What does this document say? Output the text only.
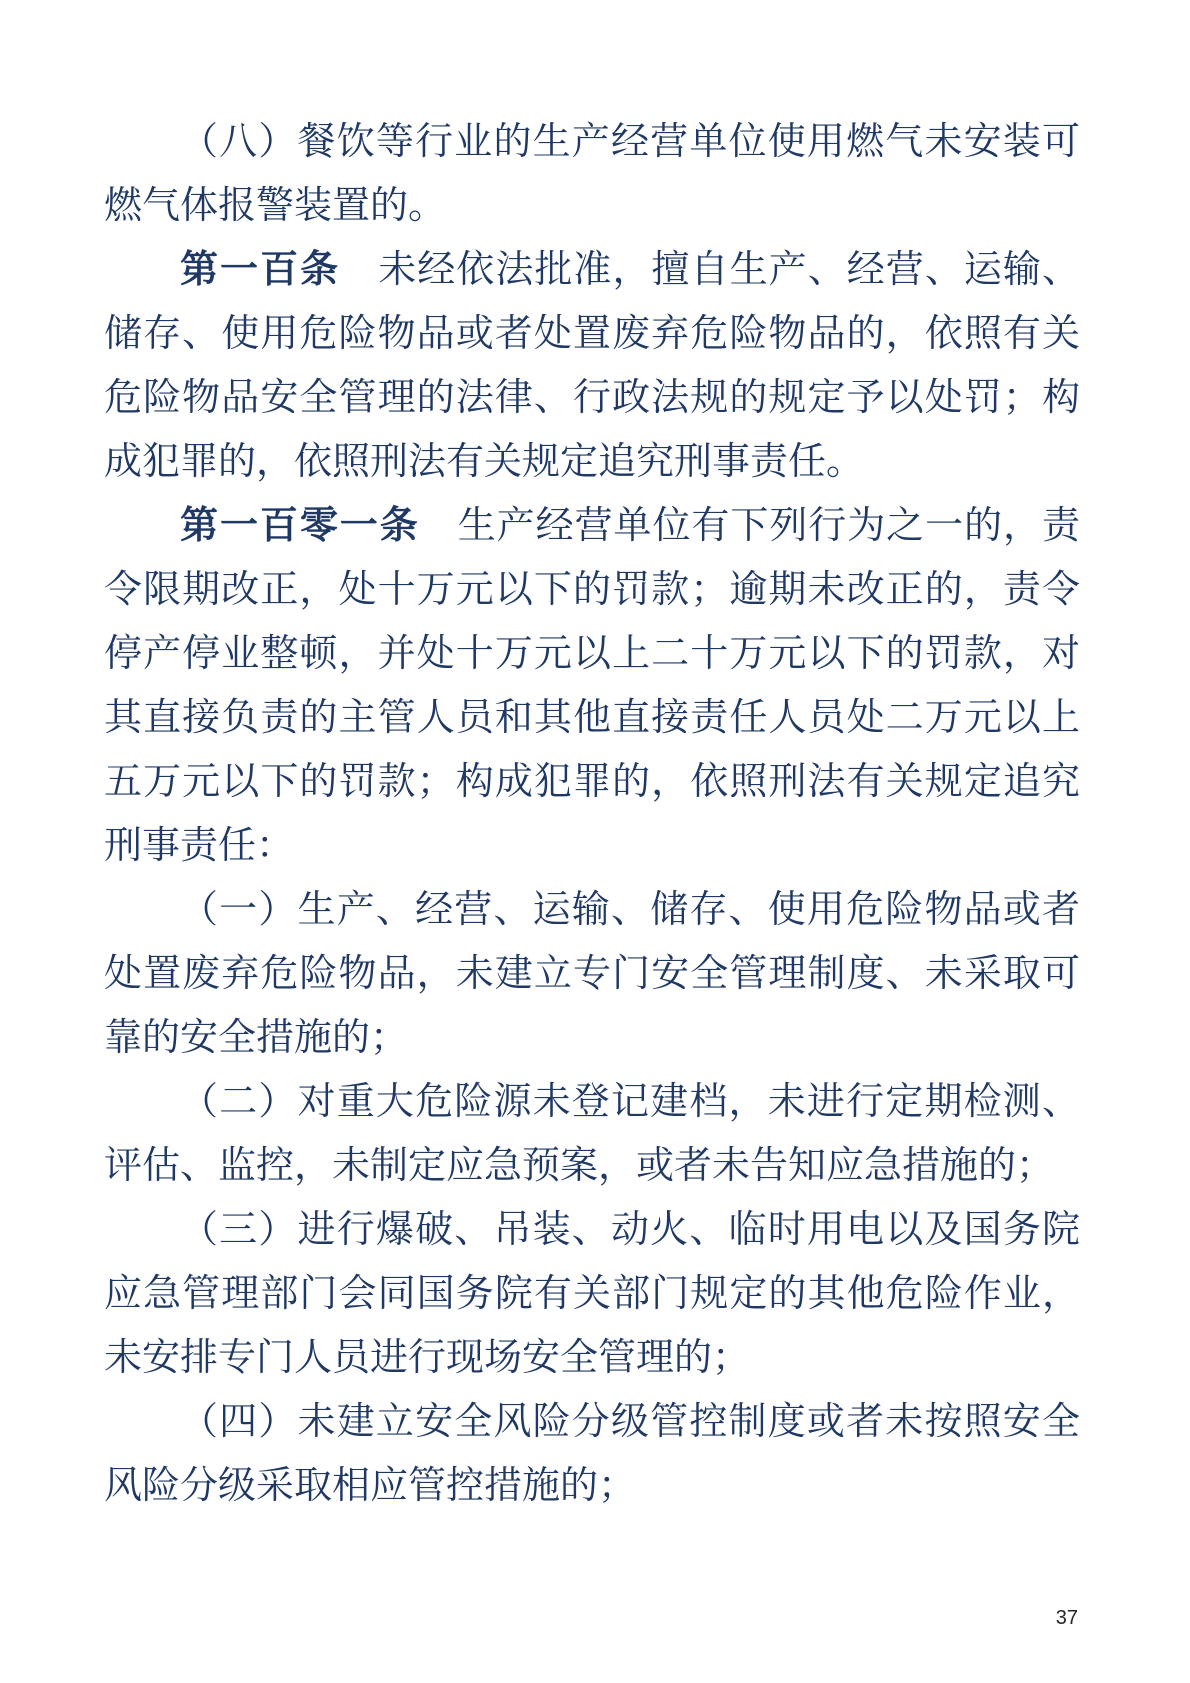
（八）餐饮等行业的生产经营单位使用燃气未安装可燃气体报警装置的。

第一百条 未经依法批准，擅自生产、经营、运输、储存、使用危险物品或者处置废弃危险物品的，依照有关危险物品安全管理的法律、行政法规的规定予以处罚；构成犯罪的，依照刑法有关规定追究刑事责任。

第一百零一条 生产经营单位有下列行为之一的，责令限期改正，处十万元以下的罚款；逾期未改正的，责令停产停业整顿，并处十万元以上二十万元以下的罚款，对其直接负责的主管人员和其他直接责任人员处二万元以上五万元以下的罚款；构成犯罪的，依照刑法有关规定追究刑事责任：

（一）生产、经营、运输、储存、使用危险物品或者处置废弃危险物品，未建立专门安全管理制度、未采取可靠的安全措施的；

（二）对重大危险源未登记建档，未进行定期检测、评估、监控，未制定应急预案，或者未告知应急措施的；

（三）进行爆破、吊装、动火、临时用电以及国务院应急管理部门会同国务院有关部门规定的其他危险作业，未安排专门人员进行现场安全管理的；

（四）未建立安全风险分级管控制度或者未按照安全风险分级采取相应管控措施的；

37
